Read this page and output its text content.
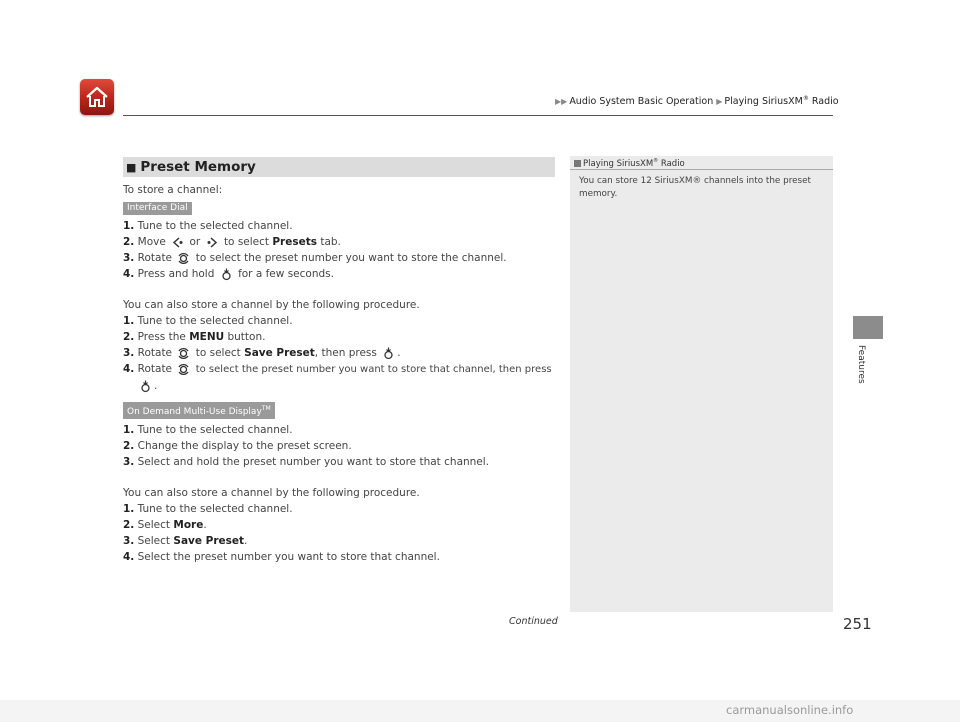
▶▶ Audio System Basic Operation ▶ Playing SiriusXM® Radio
Features
■ Preset Memory
To store a channel:
Interface Dial
1. Tune to the selected channel.
2. Move or to select Presets tab.
3. Rotate to select the preset number you want to store the channel.
4. Press and hold for a few seconds.
You can also store a channel by the following procedure.
1. Tune to the selected channel.
2. Press the MENU button.
3. Rotate to select Save Preset, then press .
4. Rotate to select the preset number you want to store that channel, then press
.
On Demand Multi-Use Display™
1. Tune to the selected channel.
2. Change the display to the preset screen.
3. Select and hold the preset number you want to store that channel.
You can also store a channel by the following procedure.
1. Tune to the selected channel.
2. Select More.
3. Select Save Preset.
4. Select the preset number you want to store that channel.
Playing SiriusXM® Radio
You can store 12 SiriusXM® channels into the preset memory.
Continued	251
carmanualsonline.info
